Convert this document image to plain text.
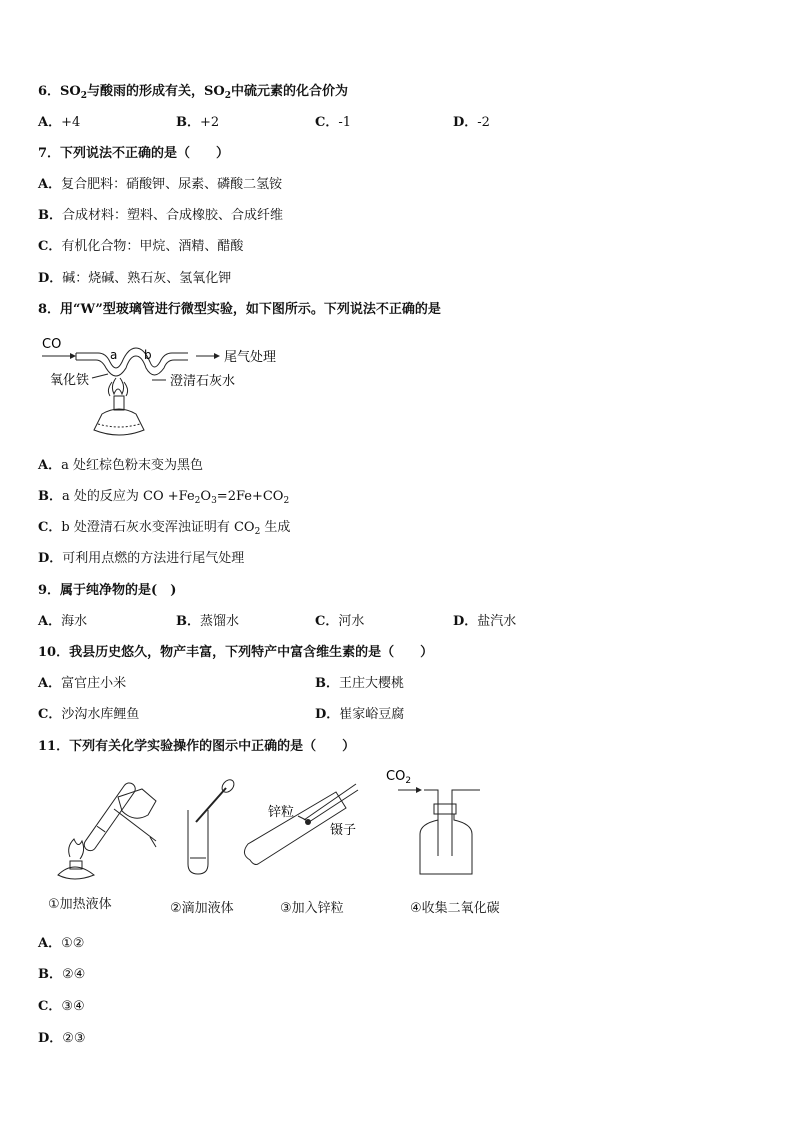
6．$SO_2$与酸雨的形成有关，$SO_2$中硫元素的化合价为
A．+4	B．+2	C．-1	D．-2
7．下列说法不正确的是（　　）
A．复合肥料：硝酸钾、尿素、磷酸二氢铵
B．合成材料：塑料、合成橡胶、合成纤维
C．有机化合物：甲烷、酒精、醋酸
D．碱：烧碱、熟石灰、氢氧化钾
8．用“W”型玻璃管进行微型实验，如下图所示。下列说法不正确的是
CO
a b	尾气处理
氧化铁	澄清石灰水
A．a 处红棕色粉末变为黑色
B．a 处的反应为 CO $+Fe_2O_3=2Fe+CO_2$
C．b 处澄清石灰水变浑浊证明有 $CO_2$ 生成
D．可利用点燃的方法进行尾气处理
9．属于纯净物的是(　)
A．海水	B．蒸馏水	C．河水	D．盐汽水
10．我县历史悠久，物产丰富，下列特产中富含维生素的是（　　）
A．富官庄小米	B．王庄大樱桃
C．沙沟水库鲤鱼	D．崔家峪豆腐
11．下列有关化学实验操作的图示中正确的是（　　）
锌粒
镊子
$CO_2$
①加热液体	②滴加液体	③加入锌粒	④收集二氧化碳
A．①②
B．②④
C．③④
D．②③
